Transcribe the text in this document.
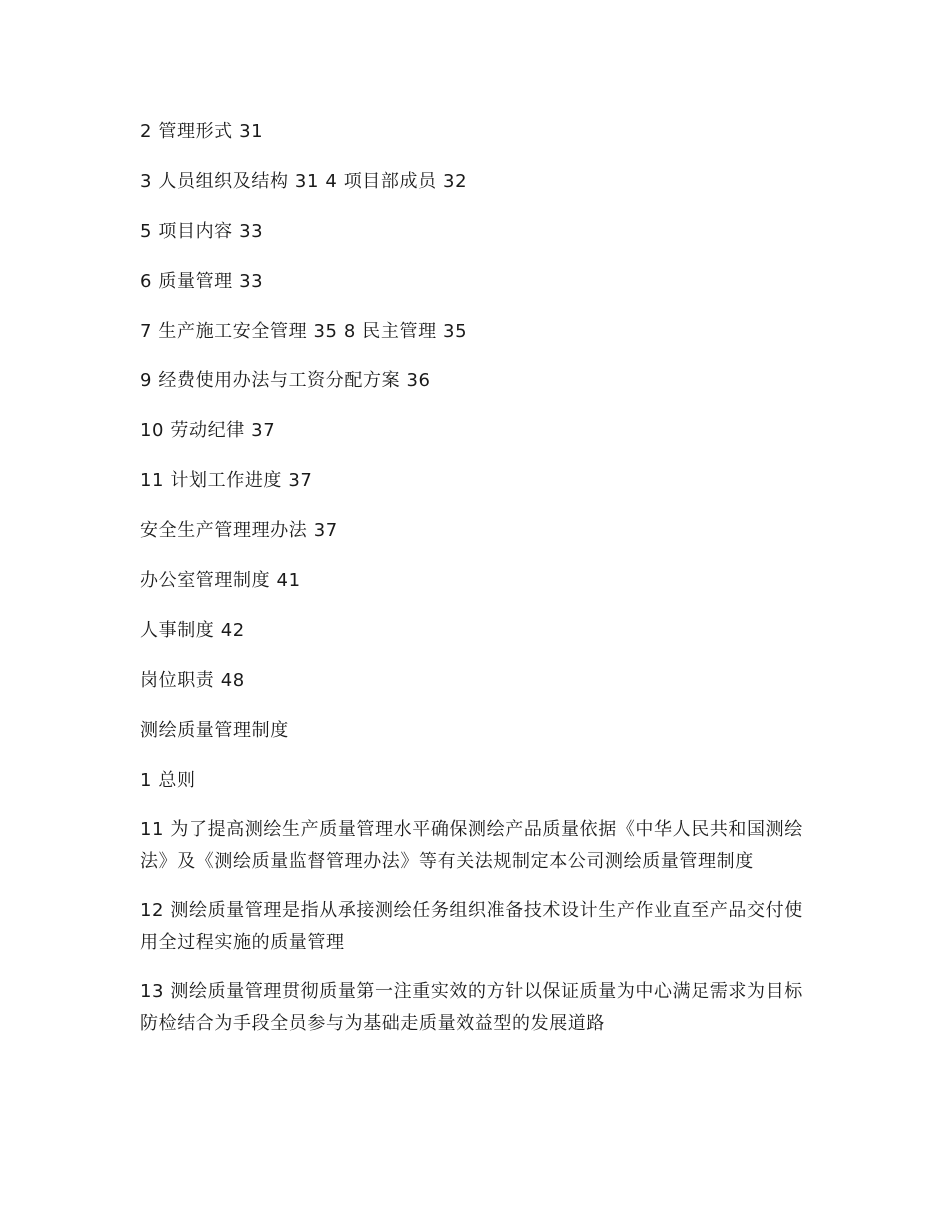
2 管理形式 31
3 人员组织及结构 31 4 项目部成员 32
5 项目内容 33
6 质量管理 33
7 生产施工安全管理 35 8 民主管理 35
9 经费使用办法与工资分配方案 36
10 劳动纪律 37
11 计划工作进度 37
安全生产管理理办法 37
办公室管理制度 41
人事制度 42
岗位职责 48
测绘质量管理制度
1 总则
11 为了提高测绘生产质量管理水平确保测绘产品质量依据《中华人民共和国测绘法》及《测绘质量监督管理办法》等有关法规制定本公司测绘质量管理制度
12 测绘质量管理是指从承接测绘任务组织准备技术设计生产作业直至产品交付使用全过程实施的质量管理
13 测绘质量管理贯彻质量第一注重实效的方针以保证质量为中心满足需求为目标防检结合为手段全员参与为基础走质量效益型的发展道路
